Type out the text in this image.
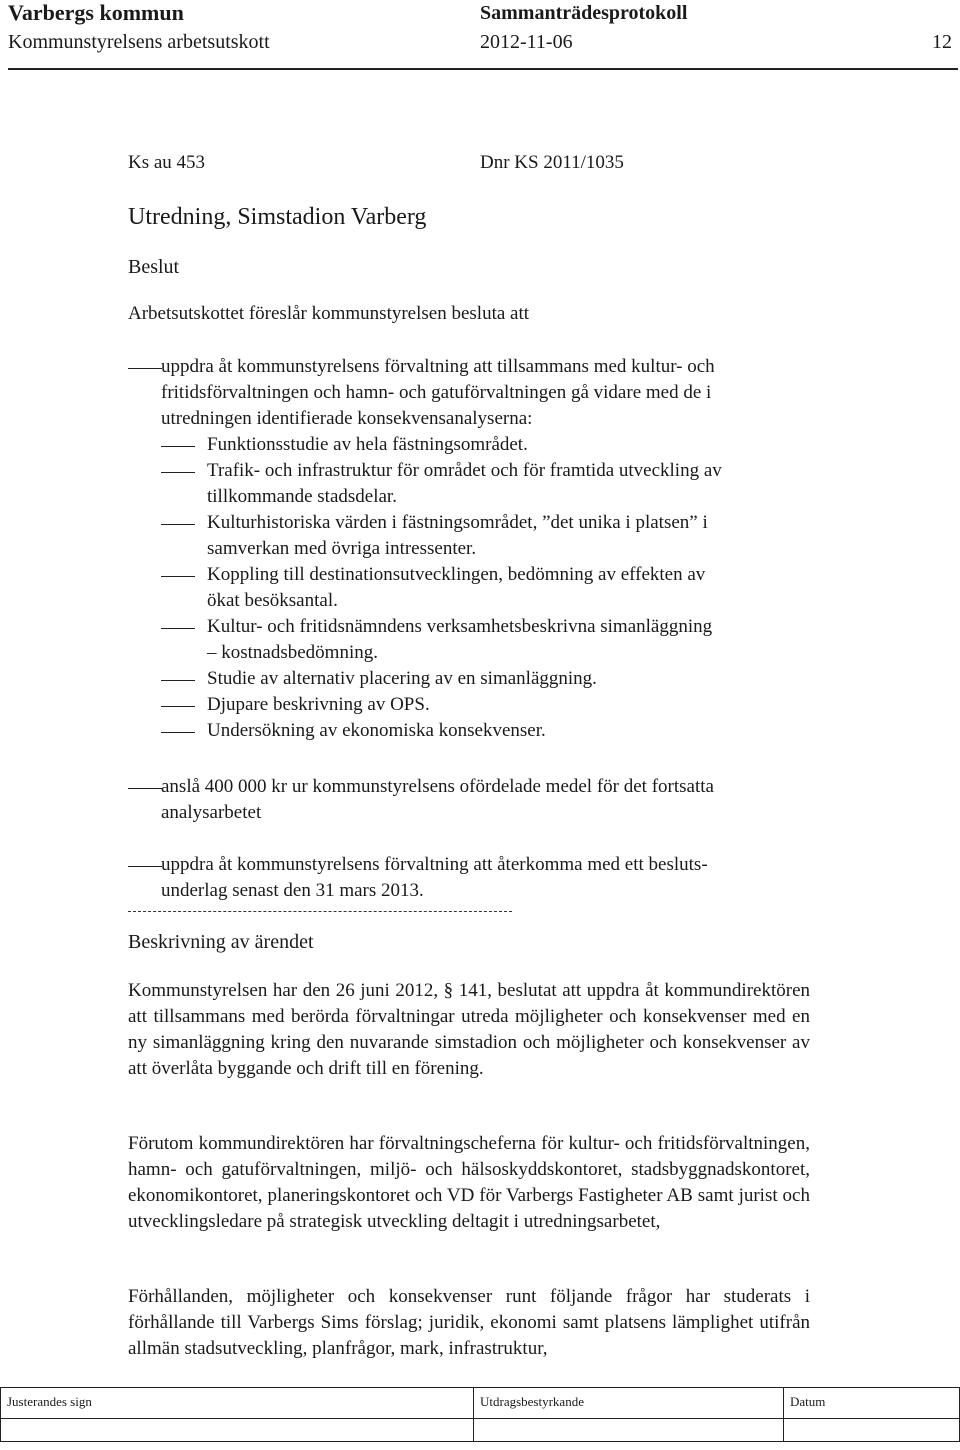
Varbergs kommun
Kommunstyrelsens arbetsutskott
Sammanträdesprotokoll
2012-11-06	12
Ks au 453	Dnr KS 2011/1035
Utredning, Simstadion Varberg
Beslut
Arbetsutskottet föreslår kommunstyrelsen besluta att
uppdra åt kommunstyrelsens förvaltning att tillsammans med kultur- och
fritidsförvaltningen och hamn- och gatuförvaltningen gå vidare med de i
utredningen identifierade konsekvensanalyserna:
Funktionsstudie av hela fästningsområdet.
Trafik- och infrastruktur för området och för framtida utveckling av
tillkommande stadsdelar.
Kulturhistoriska värden i fästningsområdet, ”det unika i platsen” i
samverkan med övriga intressenter.
Koppling till destinationsutvecklingen, bedömning av effekten av
ökat besöksantal.
Kultur- och fritidsnämndens verksamhetsbeskrivna simanläggning
– kostnadsbedömning.
Studie av alternativ placering av en simanläggning.
Djupare beskrivning av OPS.
Undersökning av ekonomiska konsekvenser.
anslå 400 000 kr ur kommunstyrelsens ofördelade medel för det fortsatta
analysarbetet
uppdra åt kommunstyrelsens förvaltning att återkomma med ett besluts-
underlag senast den 31 mars 2013.
Beskrivning av ärendet
Kommunstyrelsen har den 26 juni 2012, § 141, beslutat att uppdra åt kommundirektören att tillsammans med berörda förvaltningar utreda möjligheter och konsekvenser med en ny simanläggning kring den nuvarande simstadion och möjligheter och konsekvenser av att överlåta byggande och drift till en förening.
Förutom kommundirektören har förvaltningscheferna för kultur- och fritidsförvaltningen, hamn- och gatuförvaltningen, miljö- och hälsoskyddskontoret, stadsbyggnadskontoret, ekonomikontoret, planeringskontoret och VD för Varbergs Fastigheter AB samt jurist och utvecklingsledare på strategisk utveckling deltagit i utredningsarbetet,
Förhållanden, möjligheter och konsekvenser runt följande frågor har studerats i förhållande till Varbergs Sims förslag; juridik, ekonomi samt platsens lämplighet utifrån allmän stadsutveckling, planfrågor, mark, infrastruktur,
Justerandes sign	Utdragsbestyrkande	Datum
